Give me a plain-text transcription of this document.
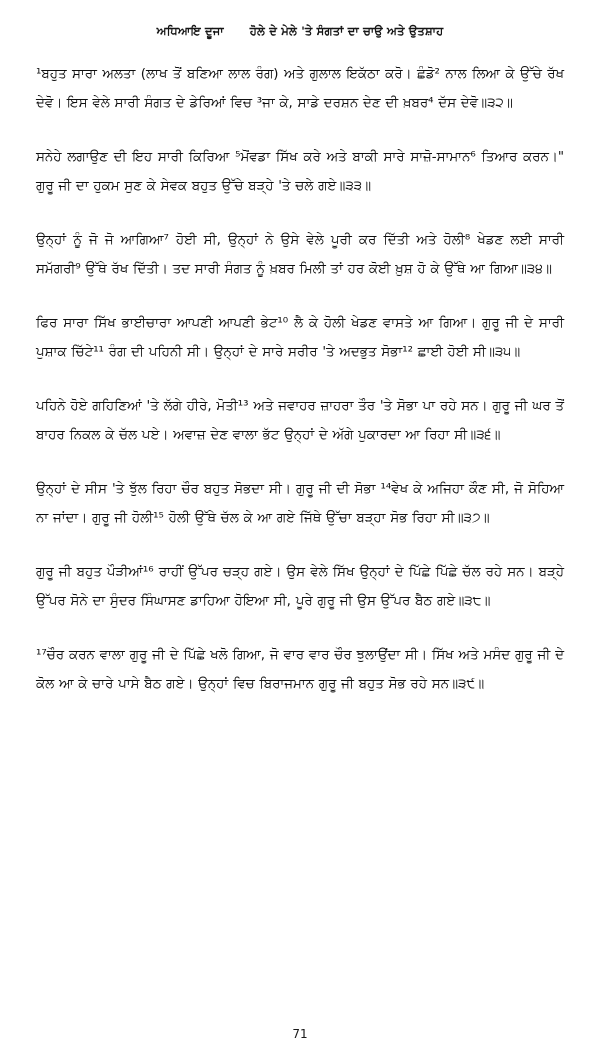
ਅਧਿਆਇ ਦੂਜਾ ਹੋਲੇ ਦੇ ਮੇਲੇ 'ਤੇ ਸੰਗਤਾਂ ਦਾ ਚਾਉ ਅਤੇ ਉਤਸ਼ਾਹ

¹ਬਹੁਤ ਸਾਰਾ ਅਲਤਾ (ਲਾਖ ਤੋਂ ਬਣਿਆ ਲਾਲ ਰੰਗ) ਅਤੇ ਗੁਲਾਲ ਇਕੱਠਾ ਕਰੋ। ਛੰਡੋ² ਨਾਲ ਲਿਆ ਕੇ ਉੱਚੇ ਰੱਖ ਦੇਵੋ। ਇਸ ਵੇਲੇ ਸਾਰੀ ਸੰਗਤ ਦੇ ਡੇਰਿਆਂ ਵਿਚ ³ਜਾ ਕੇ, ਸਾਡੇ ਦਰਸ਼ਨ ਦੇਣ ਦੀ ਖ਼ਬਰ⁴ ਦੱਸ ਦੇਵੋ॥੩੨॥

ਸਨੇਹੇ ਲਗਾਉਣ ਦੀ ਇਹ ਸਾਰੀ ਕਿਰਿਆ ⁵ਮੋਂਵਡਾ ਸਿੱਖ ਕਰੇ ਅਤੇ ਬਾਕੀ ਸਾਰੇ ਸਾਜ਼ੋ-ਸਾਮਾਨ⁶ ਤਿਆਰ ਕਰਨ।" ਗੁਰੂ ਜੀ ਦਾ ਹੁਕਮ ਸੁਣ ਕੇ ਸੇਵਕ ਬਹੁਤ ਉੱਚੇ ਬੜ੍ਹੇ 'ਤੇ ਚਲੇ ਗਏ॥੩੩॥

ਉਨ੍ਹਾਂ ਨੂੰ ਜੋ ਜੋ ਆਗਿਆ⁷ ਹੋਈ ਸੀ, ਉਨ੍ਹਾਂ ਨੇ ਉਸੇ ਵੇਲੇ ਪੂਰੀ ਕਰ ਦਿੱਤੀ ਅਤੇ ਹੋਲੀ⁸ ਖੇਡਣ ਲਈ ਸਾਰੀ ਸਮੱਗਰੀ⁹ ਉੱਥੇ ਰੱਖ ਦਿੱਤੀ। ਤਦ ਸਾਰੀ ਸੰਗਤ ਨੂੰ ਖ਼ਬਰ ਮਿਲੀ ਤਾਂ ਹਰ ਕੋਈ ਖ਼ੁਸ਼ ਹੋ ਕੇ ਉੱਥੇ ਆ ਗਿਆ॥੩੪॥

ਫਿਰ ਸਾਰਾ ਸਿੱਖ ਭਾਈਚਾਰਾ ਆਪਣੀ ਆਪਣੀ ਭੇਟ¹⁰ ਲੈ ਕੇ ਹੋਲੀ ਖੇਡਣ ਵਾਸਤੇ ਆ ਗਿਆ। ਗੁਰੂ ਜੀ ਦੇ ਸਾਰੀ ਪੁਸ਼ਾਕ ਚਿੱਟੇ¹¹ ਰੰਗ ਦੀ ਪਹਿਨੀ ਸੀ। ਉਨ੍ਹਾਂ ਦੇ ਸਾਰੇ ਸਰੀਰ 'ਤੇ ਅਦਭੁਤ ਸੋਭਾ¹² ਛਾਈ ਹੋਈ ਸੀ॥੩੫॥

ਪਹਿਨੇ ਹੋਏ ਗਹਿਣਿਆਂ 'ਤੇ ਲੱਗੇ ਹੀਰੇ, ਮੋਤੀ¹³ ਅਤੇ ਜਵਾਹਰ ਜ਼ਾਹਰਾ ਤੌਰ 'ਤੇ ਸੋਭਾ ਪਾ ਰਹੇ ਸਨ। ਗੁਰੂ ਜੀ ਘਰ ਤੋਂ ਬਾਹਰ ਨਿਕਲ ਕੇ ਚੱਲ ਪਏ। ਅਵਾਜ਼ ਦੇਣ ਵਾਲਾ ਭੱਟ ਉਨ੍ਹਾਂ ਦੇ ਅੱਗੇ ਪੁਕਾਰਦਾ ਆ ਰਿਹਾ ਸੀ॥੩੬॥

ਉਨ੍ਹਾਂ ਦੇ ਸੀਸ 'ਤੇ ਝੁੱਲ ਰਿਹਾ ਚੌਰ ਬਹੁਤ ਸੋਭਦਾ ਸੀ। ਗੁਰੂ ਜੀ ਦੀ ਸੋਭਾ ¹⁴ਵੇਖ ਕੇ ਅਜਿਹਾ ਕੌਣ ਸੀ, ਜੋ ਸੋਹਿਆ ਨਾ ਜਾਂਦਾ। ਗੁਰੂ ਜੀ ਹੋਲੀ¹⁵ ਹੋਲੀ ਉੱਥੇ ਚੱਲ ਕੇ ਆ ਗਏ ਜਿੱਥੇ ਉੱਚਾ ਬੜ੍ਹਾ ਸੋਭ ਰਿਹਾ ਸੀ॥੩੭॥

ਗੁਰੂ ਜੀ ਬਹੁਤ ਪੌੜੀਆਂ¹⁶ ਰਾਹੀਂ ਉੱਪਰ ਚੜ੍ਹ ਗਏ। ਉਸ ਵੇਲੇ ਸਿੱਖ ਉਨ੍ਹਾਂ ਦੇ ਪਿੱਛੇ ਪਿੱਛੇ ਚੱਲ ਰਹੇ ਸਨ। ਬੜ੍ਹੇ ਉੱਪਰ ਸੋਨੇ ਦਾ ਸੁੰਦਰ ਸਿੰਘਾਸਣ ਡਾਹਿਆ ਹੋਇਆ ਸੀ, ਪੂਰੇ ਗੁਰੂ ਜੀ ਉਸ ਉੱਪਰ ਬੈਠ ਗਏ॥੩੮॥

¹⁷ਚੌਰ ਕਰਨ ਵਾਲਾ ਗੁਰੂ ਜੀ ਦੇ ਪਿੱਛੇ ਖਲੋ ਗਿਆ, ਜੋ ਵਾਰ ਵਾਰ ਚੌਰ ਝੁਲਾਉਂਦਾ ਸੀ। ਸਿੱਖ ਅਤੇ ਮਸੰਦ ਗੁਰੂ ਜੀ ਦੇ ਕੋਲ ਆ ਕੇ ਚਾਰੇ ਪਾਸੇ ਬੈਠ ਗਏ। ਉਨ੍ਹਾਂ ਵਿਚ ਬਿਰਾਜਮਾਨ ਗੁਰੂ ਜੀ ਬਹੁਤ ਸੋਭ ਰਹੇ ਸਨ॥੩੯॥

71
